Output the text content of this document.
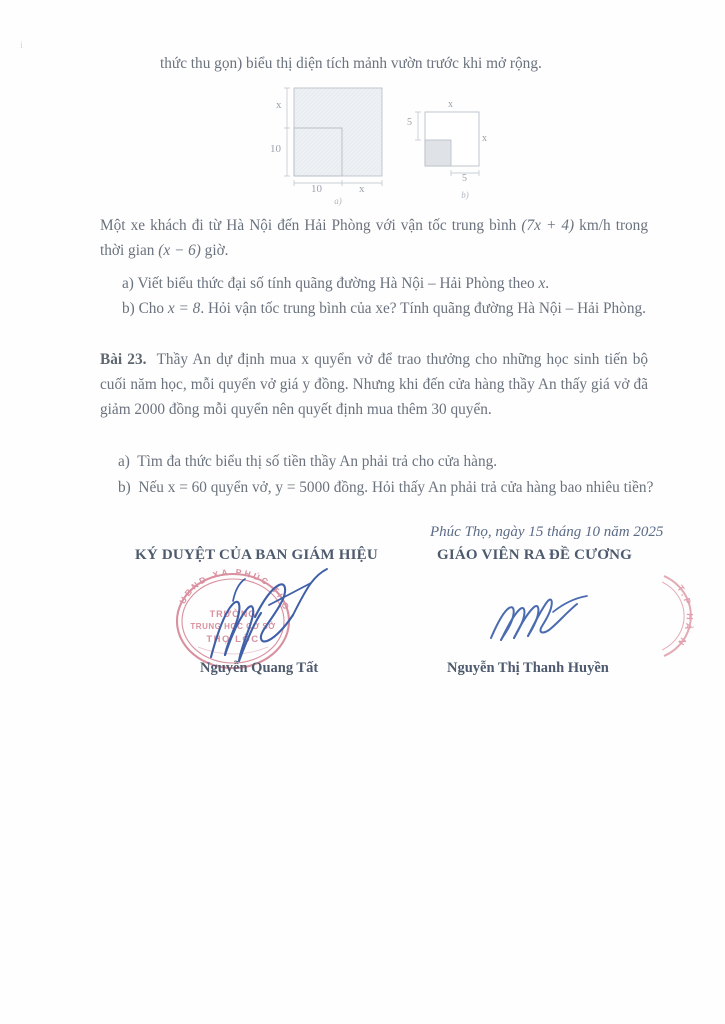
i
thức thu gọn) biểu thị diện tích mảnh vườn trước khi mở rộng.
x
10
10	x
a)
x
5
x
5
b)
Một xe khách đi từ Hà Nội đến Hải Phòng với vận tốc trung bình (7x + 4) km/h trong thời gian (x − 6) giờ.
a) Viết biểu thức đại số tính quãng đường Hà Nội – Hải Phòng theo x.
b) Cho x = 8. Hỏi vận tốc trung bình của xe? Tính quãng đường Hà Nội – Hải Phòng.
Bài 23. Thầy An dự định mua x quyển vở để trao thưởng cho những học sinh tiến bộ cuối năm học, mỗi quyển vở giá y đồng. Nhưng khi đến cửa hàng thầy An thấy giá vở đã giảm 2000 đồng mỗi quyển nên quyết định mua thêm 30 quyển.
a) Tìm đa thức biểu thị số tiền thầy An phải trả cho cửa hàng.
b) Nếu x = 60 quyển vở, y = 5000 đồng. Hỏi thấy An phải trả cửa hàng bao nhiêu tiền?
Phúc Thọ, ngày 15 tháng 10 năm 2025
KÝ DUYỆT CỦA BAN GIÁM HIỆU	GIÁO VIÊN RA ĐỀ CƯƠNG
UBND XÃ PHÚC THỌ
TRƯỜNG
TRUNG HỌC CƠ SỞ
THỌ LỘC
Nguyễn Quang Tất	Nguyễn Thị Thanh Huyền
T.P HÀ N
